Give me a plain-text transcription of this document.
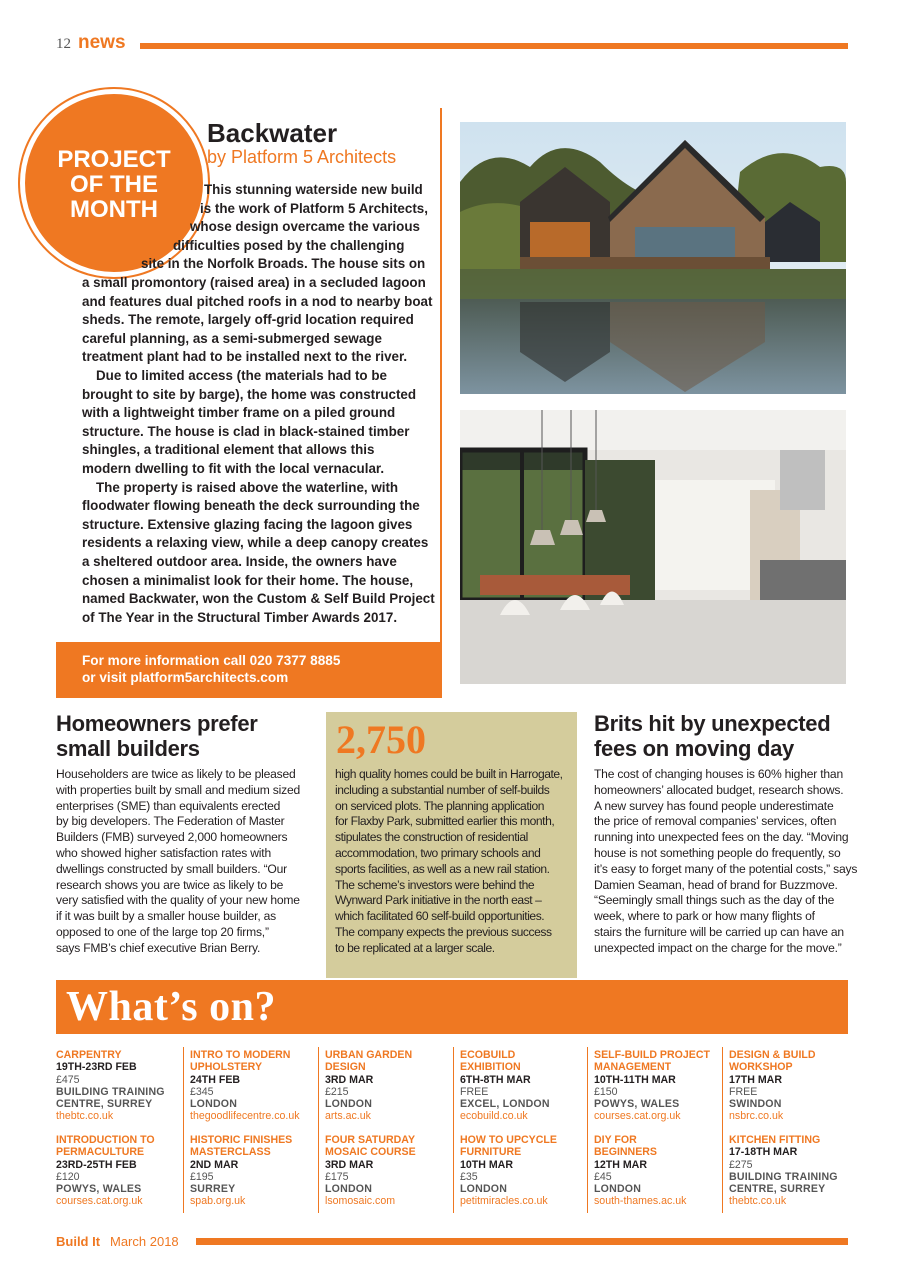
12 news
PROJECT
OF THE
MONTH
Backwater
by Platform 5 Architects
This stunning waterside new build
is the work of Platform 5 Architects,
whose design overcame the various
difficulties posed by the challenging
site in the Norfolk Broads. The house sits on
a small promontory (raised area) in a secluded lagoon
and features dual pitched roofs in a nod to nearby boat
sheds. The remote, largely off-grid location required
careful planning, as a semi-submerged sewage
treatment plant had to be installed next to the river.
Due to limited access (the materials had to be
brought to site by barge), the home was constructed
with a lightweight timber frame on a piled ground
structure. The house is clad in black-stained timber
shingles, a traditional element that allows this
modern dwelling to fit with the local vernacular.
The property is raised above the waterline, with
floodwater flowing beneath the deck surrounding the
structure. Extensive glazing facing the lagoon gives
residents a relaxing view, while a deep canopy creates
a sheltered outdoor area. Inside, the owners have
chosen a minimalist look for their home. The house,
named Backwater, won the Custom & Self Build Project
of The Year in the Structural Timber Awards 2017.
For more information call 020 7377 8885
or visit platform5architects.com
Homeowners prefer
small builders
Householders are twice as likely to be pleased
with properties built by small and medium sized
enterprises (SME) than equivalents erected
by big developers. The Federation of Master
Builders (FMB) surveyed 2,000 homeowners
who showed higher satisfaction rates with
dwellings constructed by small builders. “Our
research shows you are twice as likely to be
very satisfied with the quality of your new home
if it was built by a smaller house builder, as
opposed to one of the large top 20 firms,”
says FMB’s chief executive Brian Berry.
2,750
high quality homes could be built in Harrogate,
including a substantial number of self-builds
on serviced plots. The planning application
for Flaxby Park, submitted earlier this month,
stipulates the construction of residential
accommodation, two primary schools and
sports facilities, as well as a new rail station.
The scheme’s investors were behind the
Wynward Park initiative in the north east –
which facilitated 60 self-build opportunities.
The company expects the previous success
to be replicated at a larger scale.
Brits hit by unexpected
fees on moving day
The cost of changing houses is 60% higher than
homeowners’ allocated budget, research shows.
A new survey has found people underestimate
the price of removal companies’ services, often
running into unexpected fees on the day. “Moving
house is not something people do frequently, so
it’s easy to forget many of the potential costs,” says
Damien Seaman, head of brand for Buzzmove.
“Seemingly small things such as the day of the
week, where to park or how many flights of
stairs the furniture will be carried up can have an
unexpected impact on the charge for the move.”
What’s on?
CARPENTRY
19TH-23RD FEB
£475
BUILDING TRAINING
CENTRE, SURREY
thebtc.co.uk
INTRO TO MODERN
UPHOLSTERY
24TH FEB
£345
LONDON
thegoodlifecentre.co.uk
URBAN GARDEN
DESIGN
3RD MAR
£215
LONDON
arts.ac.uk
ECOBUILD
EXHIBITION
6TH-8TH MAR
FREE
EXCEL, LONDON
ecobuild.co.uk
SELF-BUILD PROJECT
MANAGEMENT
10TH-11TH MAR
£150
POWYS, WALES
courses.cat.org.uk
DESIGN & BUILD
WORKSHOP
17TH MAR
FREE
SWINDON
nsbrc.co.uk
INTRODUCTION TO
PERMACULTURE
23RD-25TH FEB
£120
POWYS, WALES
courses.cat.org.uk
HISTORIC FINISHES
MASTERCLASS
2ND MAR
£195
SURREY
spab.org.uk
FOUR SATURDAY
MOSAIC COURSE
3RD MAR
£175
LONDON
lsomosaic.com
HOW TO UPCYCLE
FURNITURE
10TH MAR
£35
LONDON
petitmiracles.co.uk
DIY FOR
BEGINNERS
12TH MAR
£45
LONDON
south-thames.ac.uk
KITCHEN FITTING
17-18TH MAR
£275
BUILDING TRAINING
CENTRE, SURREY
thebtc.co.uk
Build It March 2018
